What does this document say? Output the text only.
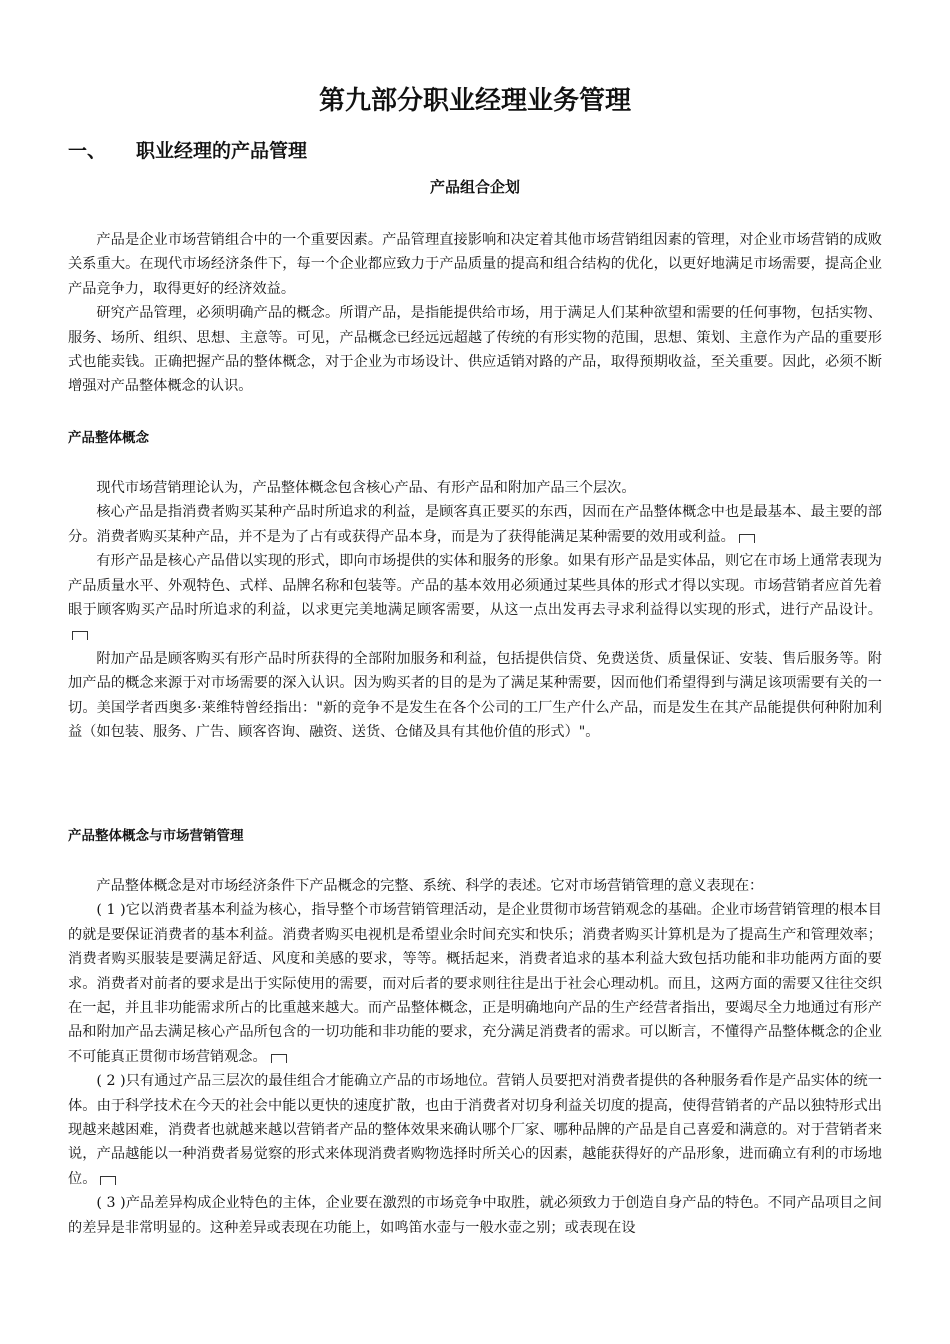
第九部分职业经理业务管理
一、 职业经理的产品管理
产品组合企划

产品是企业市场营销组合中的一个重要因素。产品管理直接影响和决定着其他市场营销组因素的管理，对企业市场营销的成败关系重大。在现代市场经济条件下，每一个企业都应致力于产品质量的提高和组合结构的优化，以更好地满足市场需要，提高企业产品竞争力，取得更好的经济效益。

研究产品管理，必须明确产品的概念。所谓产品，是指能提供给市场，用于满足人们某种欲望和需要的任何事物，包括实物、服务、场所、组织、思想、主意等。可见，产品概念已经远远超越了传统的有形实物的范围，思想、策划、主意作为产品的重要形式也能卖钱。正确把握产品的整体概念，对于企业为市场设计、供应适销对路的产品，取得预期收益，至关重要。因此，必须不断增强对产品整体概念的认识。

产品整体概念

现代市场营销理论认为，产品整体概念包含核心产品、有形产品和附加产品三个层次。

核心产品是指消费者购买某种产品时所追求的利益，是顾客真正要买的东西，因而在产品整体概念中也是最基本、最主要的部分。消费者购买某种产品，并不是为了占有或获得产品本身，而是为了获得能满足某种需要的效用或利益。

有形产品是核心产品借以实现的形式，即向市场提供的实体和服务的形象。如果有形产品是实体品，则它在市场上通常表现为产品质量水平、外观特色、式样、品牌名称和包装等。产品的基本效用必须通过某些具体的形式才得以实现。市场营销者应首先着眼于顾客购买产品时所追求的利益，以求更完美地满足顾客需要，从这一点出发再去寻求利益得以实现的形式，进行产品设计。

附加产品是顾客购买有形产品时所获得的全部附加服务和利益，包括提供信贷、免费送货、质量保证、安装、售后服务等。附加产品的概念来源于对市场需要的深入认识。因为购买者的目的是为了满足某种需要，因而他们希望得到与满足该项需要有关的一切。美国学者西奥多·莱维特曾经指出："新的竞争不是发生在各个公司的工厂生产什么产品，而是发生在其产品能提供何种附加利益（如包装、服务、广告、顾客咨询、融资、送货、仓储及具有其他价值的形式）"。

产品整体概念与市场营销管理

产品整体概念是对市场经济条件下产品概念的完整、系统、科学的表述。它对市场营销管理的意义表现在：

( 1 )它以消费者基本利益为核心，指导整个市场营销管理活动，是企业贯彻市场营销观念的基础。企业市场营销管理的根本目的就是要保证消费者的基本利益。消费者购买电视机是希望业余时间充实和快乐；消费者购买计算机是为了提高生产和管理效率；消费者购买服装是要满足舒适、风度和美感的要求，等等。概括起来，消费者追求的基本利益大致包括功能和非功能两方面的要求。消费者对前者的要求是出于实际使用的需要，而对后者的要求则往往是出于社会心理动机。而且，这两方面的需要又往往交织在一起，并且非功能需求所占的比重越来越大。而产品整体概念，正是明确地向产品的生产经营者指出，要竭尽全力地通过有形产品和附加产品去满足核心产品所包含的一切功能和非功能的要求，充分满足消费者的需求。可以断言，不懂得产品整体概念的企业不可能真正贯彻市场营销观念。

( 2 )只有通过产品三层次的最佳组合才能确立产品的市场地位。营销人员要把对消费者提供的各种服务看作是产品实体的统一体。由于科学技术在今天的社会中能以更快的速度扩散，也由于消费者对切身利益关切度的提高，使得营销者的产品以独特形式出现越来越困难，消费者也就越来越以营销者产品的整体效果来确认哪个厂家、哪种品牌的产品是自己喜爱和满意的。对于营销者来说，产品越能以一种消费者易觉察的形式来体现消费者购物选择时所关心的因素，越能获得好的产品形象，进而确立有利的市场地位。

( 3 )产品差异构成企业特色的主体，企业要在激烈的市场竞争中取胜，就必须致力于创造自身产品的特色。不同产品项目之间的差异是非常明显的。这种差异或表现在功能上，如鸣笛水壶与一般水壶之别；或表现在设
